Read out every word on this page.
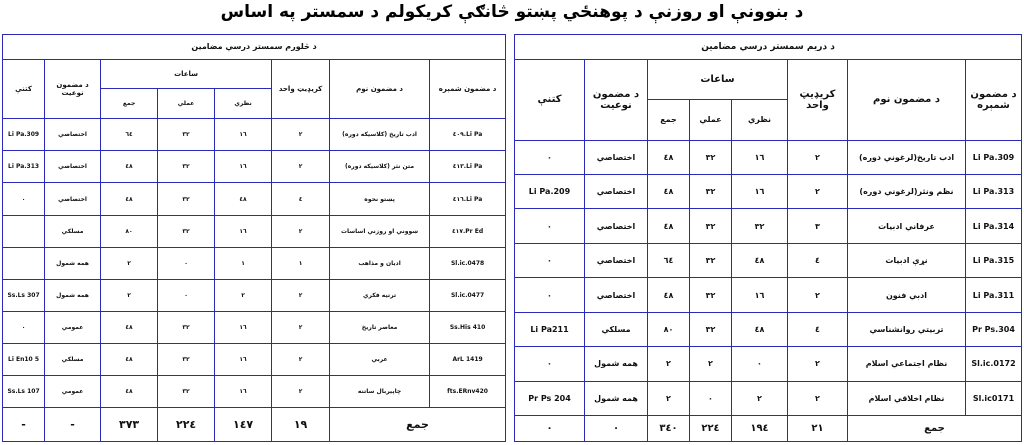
د بنوونې او روزنې د پوهنځي پښتو څانګې کريکولم د سمستر په اساس
د دريم سمستر درسي مضامين							
د مضمون شمېره	د مضمون نوم	کريډيټ واحد	ساعات			د مضمون نوعيت	کتنې
			نظري	عملي	جمع		
Li Pa.309	ادب تاريخ(لرغوني دوره)	٢	١٦	٣٢	٤٨	اختصاصي	٠
Li Pa.313	نظم ونثر(لرغوني دوره)	٢	١٦	٣٢	٤٨	اختصاصي	Li Pa.209
Li Pa.314	عرفاني ادبيات	٣	٣٢	٣٢	٤٨	اختصاصي	٠
Li Pa.315	نړې ادبيات	٤	٤٨	٣٢	٦٤	اختصاصي	٠
Li Pa.311	ادبي فنون	٢	١٦	٣٢	٤٨	اختصاصي	٠
Pr Ps.304	تربيتي روانشناسي	٤	٤٨	٣٢	٨٠	مسلکي	Li Pa211
Sl.ic.0172	نظام اجتماعي اسلام	٢	٠	٢	٢	همه شمول	٠
Sl.ic0171	نظام اخلاقي اسلام	٢	٢	٠	٢	همه شمول	Pr Ps 204
جمع		٢١	١٩٤	٢٢٤	٣٤٠	٠	٠
د څلورم سمستر درسي مضامين							
د مضمون شمېره	د مضمون نوم	کريډيټ واحد	ساعات			د مضمون نوعيت	کتنې
			نظري	عملي	جمع		
Li Pa.٤٠٩	ادب تاريخ (کلاسيکه دوره)	٢	١٦	٣٢	٦٤	اختصاصي	Li Pa.309
Li Pa.٤١٣	متن نثر (کلاسيکه دوره)	٢	١٦	٣٢	٤٨	اختصاصي	Li Pa.313
Li Pa.٤١٦	پښتو نحوه	٤	٤٨	٣٢	٤٨	اختصاصي	٠
Pr Ed.٤١٧	ښوونې او روزنې اساسات	٢	١٦	٣٢	٨٠	مسلکي	
Sl.ic.0478	اديان و مذاهب	١	١	٠	٢	همه شمول	
Sl.ic.0477	ترتيه فکري	٢	٢	٠	٢	همه شمول	Ss.Ls 307
Ss.His 410	معاصر تاريخ	٢	١٦	٣٢	٤٨	عمومي	٠
ArL 1419	عربي	٢	١٦	٣٢	٤٨	مسلکي	Li En10 5
fts.ERnv420	چاپيربال ساتنه	٢	١٦	٣٢	٤٨	عمومي	Ss.Ls 107
جمع		١٩	١٤٧	٢٢٤	٣٧٣	-	-
